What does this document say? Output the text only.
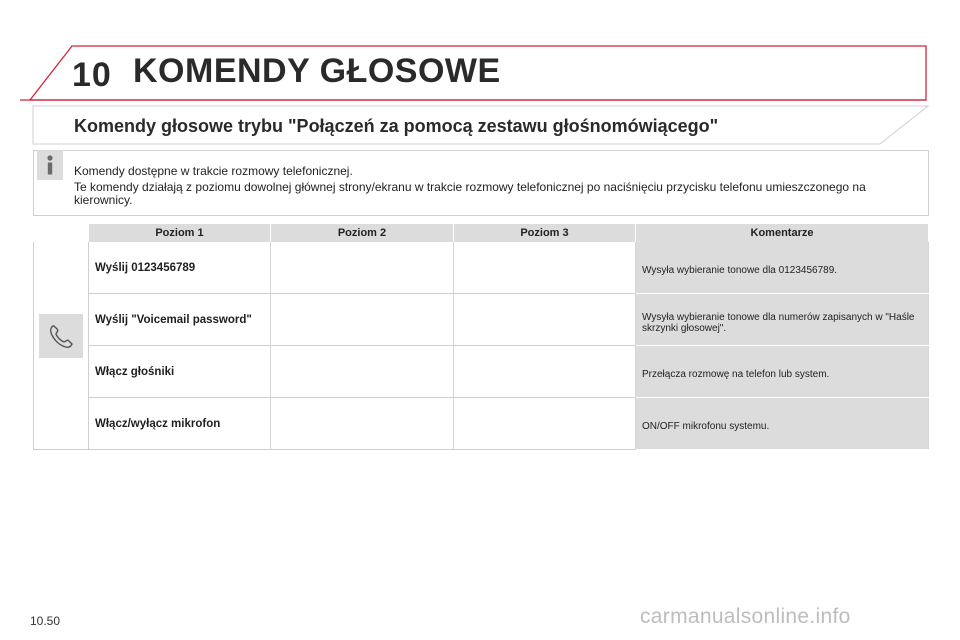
10 KOMENDY GŁOSOWE
Komendy głosowe trybu "Połączeń za pomocą zestawu głośnomówiącego"
Komendy dostępne w trakcie rozmowy telefonicznej.
Te komendy działają z poziomu dowolnej głównej strony/ekranu w trakcie rozmowy telefonicznej po naciśnięciu przycisku telefonu umieszczonego na kierownicy.
	Poziom 1	Poziom 2	Poziom 3	Komentarze

	Wyślij 0123456789			Wysyła wybieranie tonowe dla 0123456789.
	Wyślij "Voicemail password"			Wysyła wybieranie tonowe dla numerów zapisanych w "Haśle skrzynki głosowej".
	Włącz głośniki			Przełącza rozmowę na telefon lub system.
	Włącz/wyłącz mikrofon			ON/OFF mikrofonu systemu.
10.50	carmanualsonline.info
